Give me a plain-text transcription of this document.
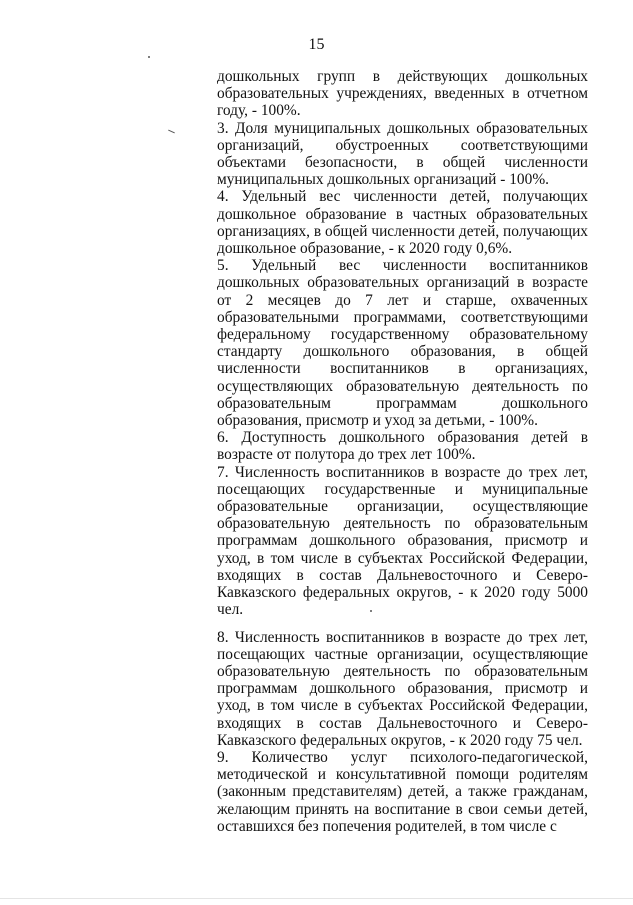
15

дошкольных групп в действующих дошкольных образовательных учреждениях, введенных в отчетном году, - 100%.

3. Доля муниципальных дошкольных образовательных организаций, обустроенных соответствующими объектами безопасности, в общей численности муниципальных дошкольных организаций - 100%.

4. Удельный вес численности детей, получающих дошкольное образование в частных образовательных организациях, в общей численности детей, получающих дошкольное образование, - к 2020 году 0,6%.

5. Удельный вес численности воспитанников дошкольных образовательных организаций в возрасте от 2 месяцев до 7 лет и старше, охваченных образовательными программами, соответствующими федеральному государственному образовательному стандарту дошкольного образования, в общей численности воспитанников в организациях, осуществляющих образовательную деятельность по образовательным программам дошкольного образования, присмотр и уход за детьми, - 100%.

6. Доступность дошкольного образования детей в возрасте от полутора до трех лет 100%.

7. Численность воспитанников в возрасте до трех лет, посещающих государственные и муниципальные образовательные организации, осуществляющие образовательную деятельность по образовательным программам дошкольного образования, присмотр и уход, в том числе в субъектах Российской Федерации, входящих в состав Дальневосточного и Северо-Кавказского федеральных округов, - к 2020 году 5000 чел.

8. Численность воспитанников в возрасте до трех лет, посещающих частные организации, осуществляющие образовательную деятельность по образовательным программам дошкольного образования, присмотр и уход, в том числе в субъектах Российской Федерации, входящих в состав Дальневосточного и Северо-Кавказского федеральных округов, - к 2020 году 75 чел.

9. Количество услуг психолого-педагогической, методической и консультативной помощи родителям (законным представителям) детей, а также гражданам, желающим принять на воспитание в свои семьи детей, оставшихся без попечения родителей, в том числе с
